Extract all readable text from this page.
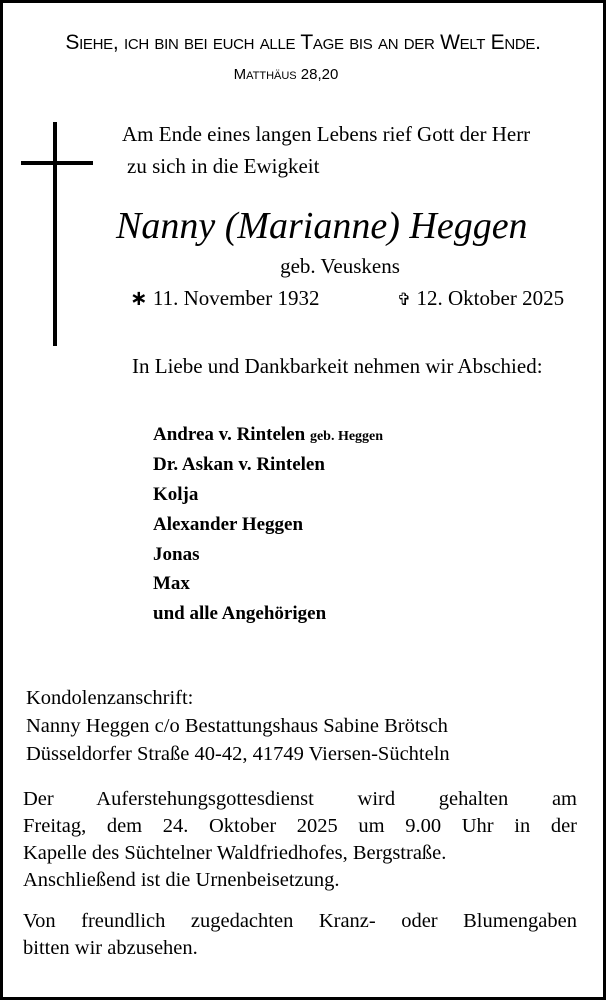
Siehe, ich bin bei euch alle Tage bis an der Welt Ende.
Matthäus 28,20
Am Ende eines langen Lebens rief Gott der Herr
zu sich in die Ewigkeit
Nanny (Marianne) Heggen
geb. Veuskens
∗ 11. November 1932	✞ 12. Oktober 2025
In Liebe und Dankbarkeit nehmen wir Abschied:
Andrea v. Rintelen geb. Heggen
Dr. Askan v. Rintelen
Kolja
Alexander Heggen
Jonas
Max
und alle Angehörigen
Kondolenzanschrift:
Nanny Heggen c/o Bestattungshaus Sabine Brötsch
Düsseldorfer Straße 40-42, 41749 Viersen-Süchteln
Der Auferstehungsgottesdienst wird gehalten am
Freitag, dem 24. Oktober 2025 um 9.00 Uhr in der
Kapelle des Süchtelner Waldfriedhofes, Bergstraße.
Anschließend ist die Urnenbeisetzung.
Von freundlich zugedachten Kranz- oder Blumengaben
bitten wir abzusehen.
